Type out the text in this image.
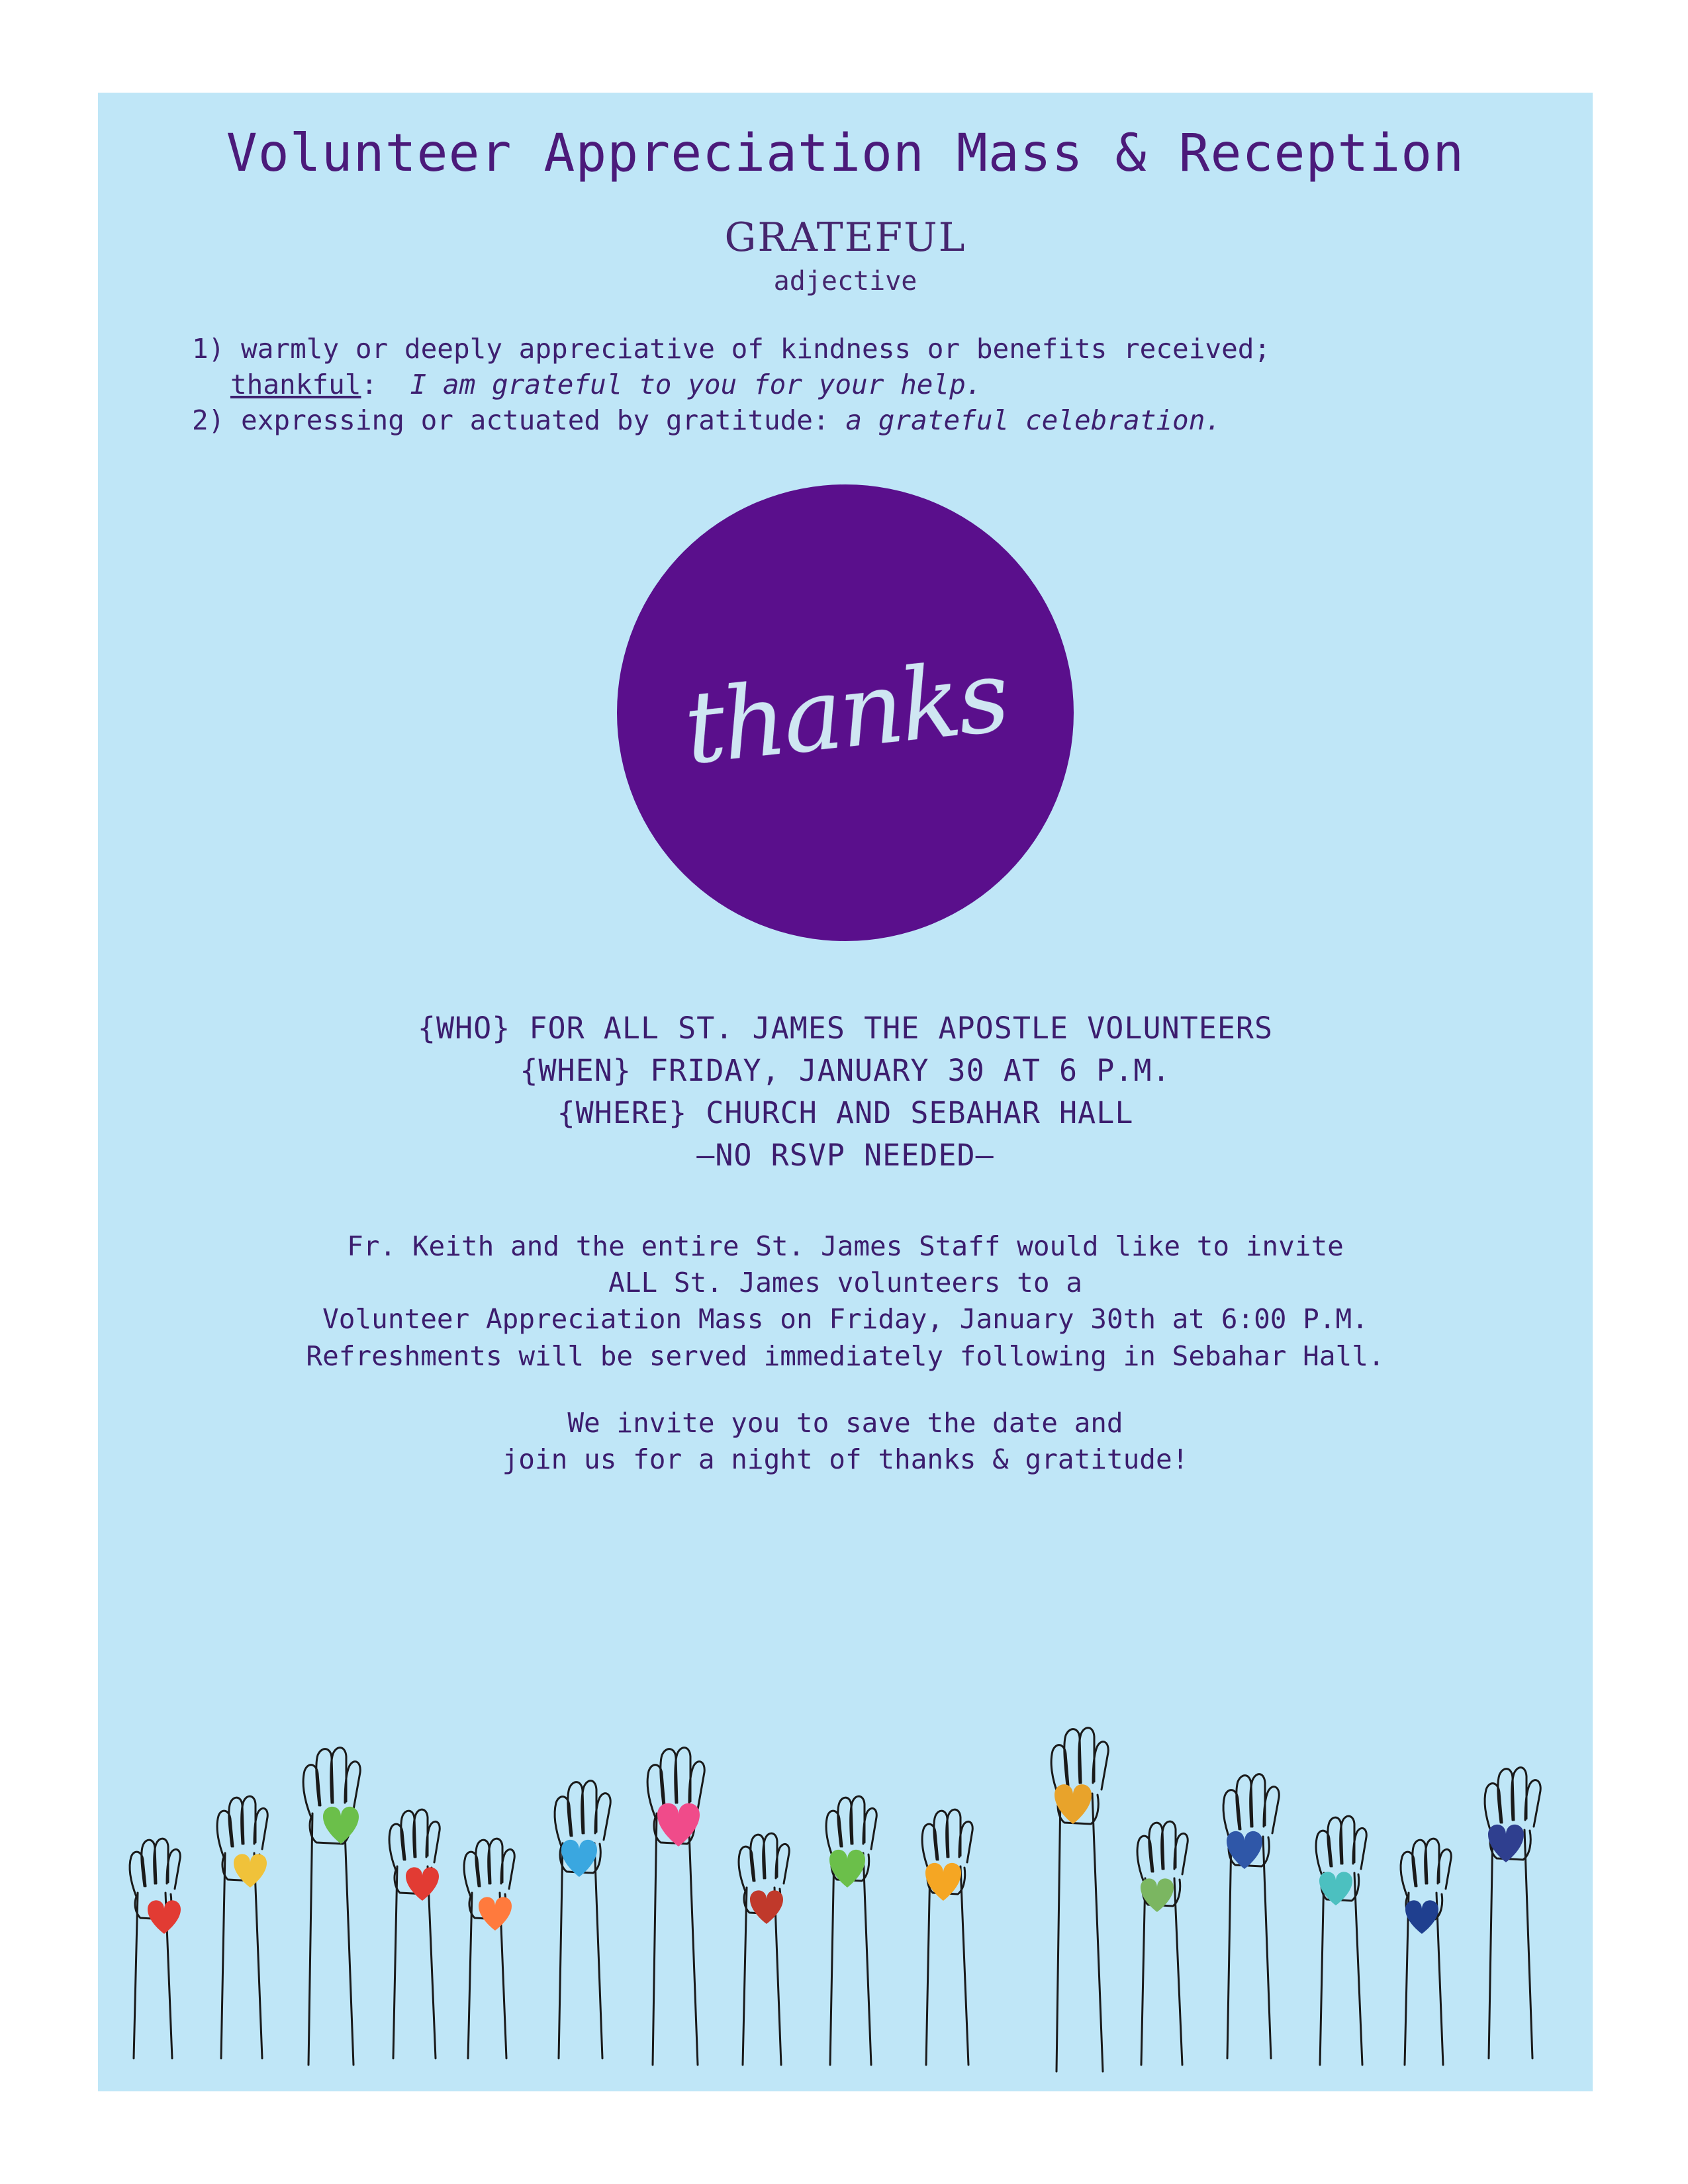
Volunteer Appreciation Mass & Reception
GRATEFUL
adjective
1) warmly or deeply appreciative of kindness or benefits received;
thankful:  I am grateful to you for your help.
2) expressing or actuated by gratitude: a grateful celebration.
thanks
{WHO} FOR ALL ST. JAMES THE APOSTLE VOLUNTEERS
{WHEN} FRIDAY, JANUARY 30 AT 6 P.M.
{WHERE} CHURCH AND SEBAHAR HALL
—NO RSVP NEEDED—
Fr. Keith and the entire St. James Staff would like to invite
ALL St. James volunteers to a
Volunteer Appreciation Mass on Friday, January 30th at 6:00 P.M.
Refreshments will be served immediately following in Sebahar Hall.
We invite you to save the date and
join us for a night of thanks & gratitude!
